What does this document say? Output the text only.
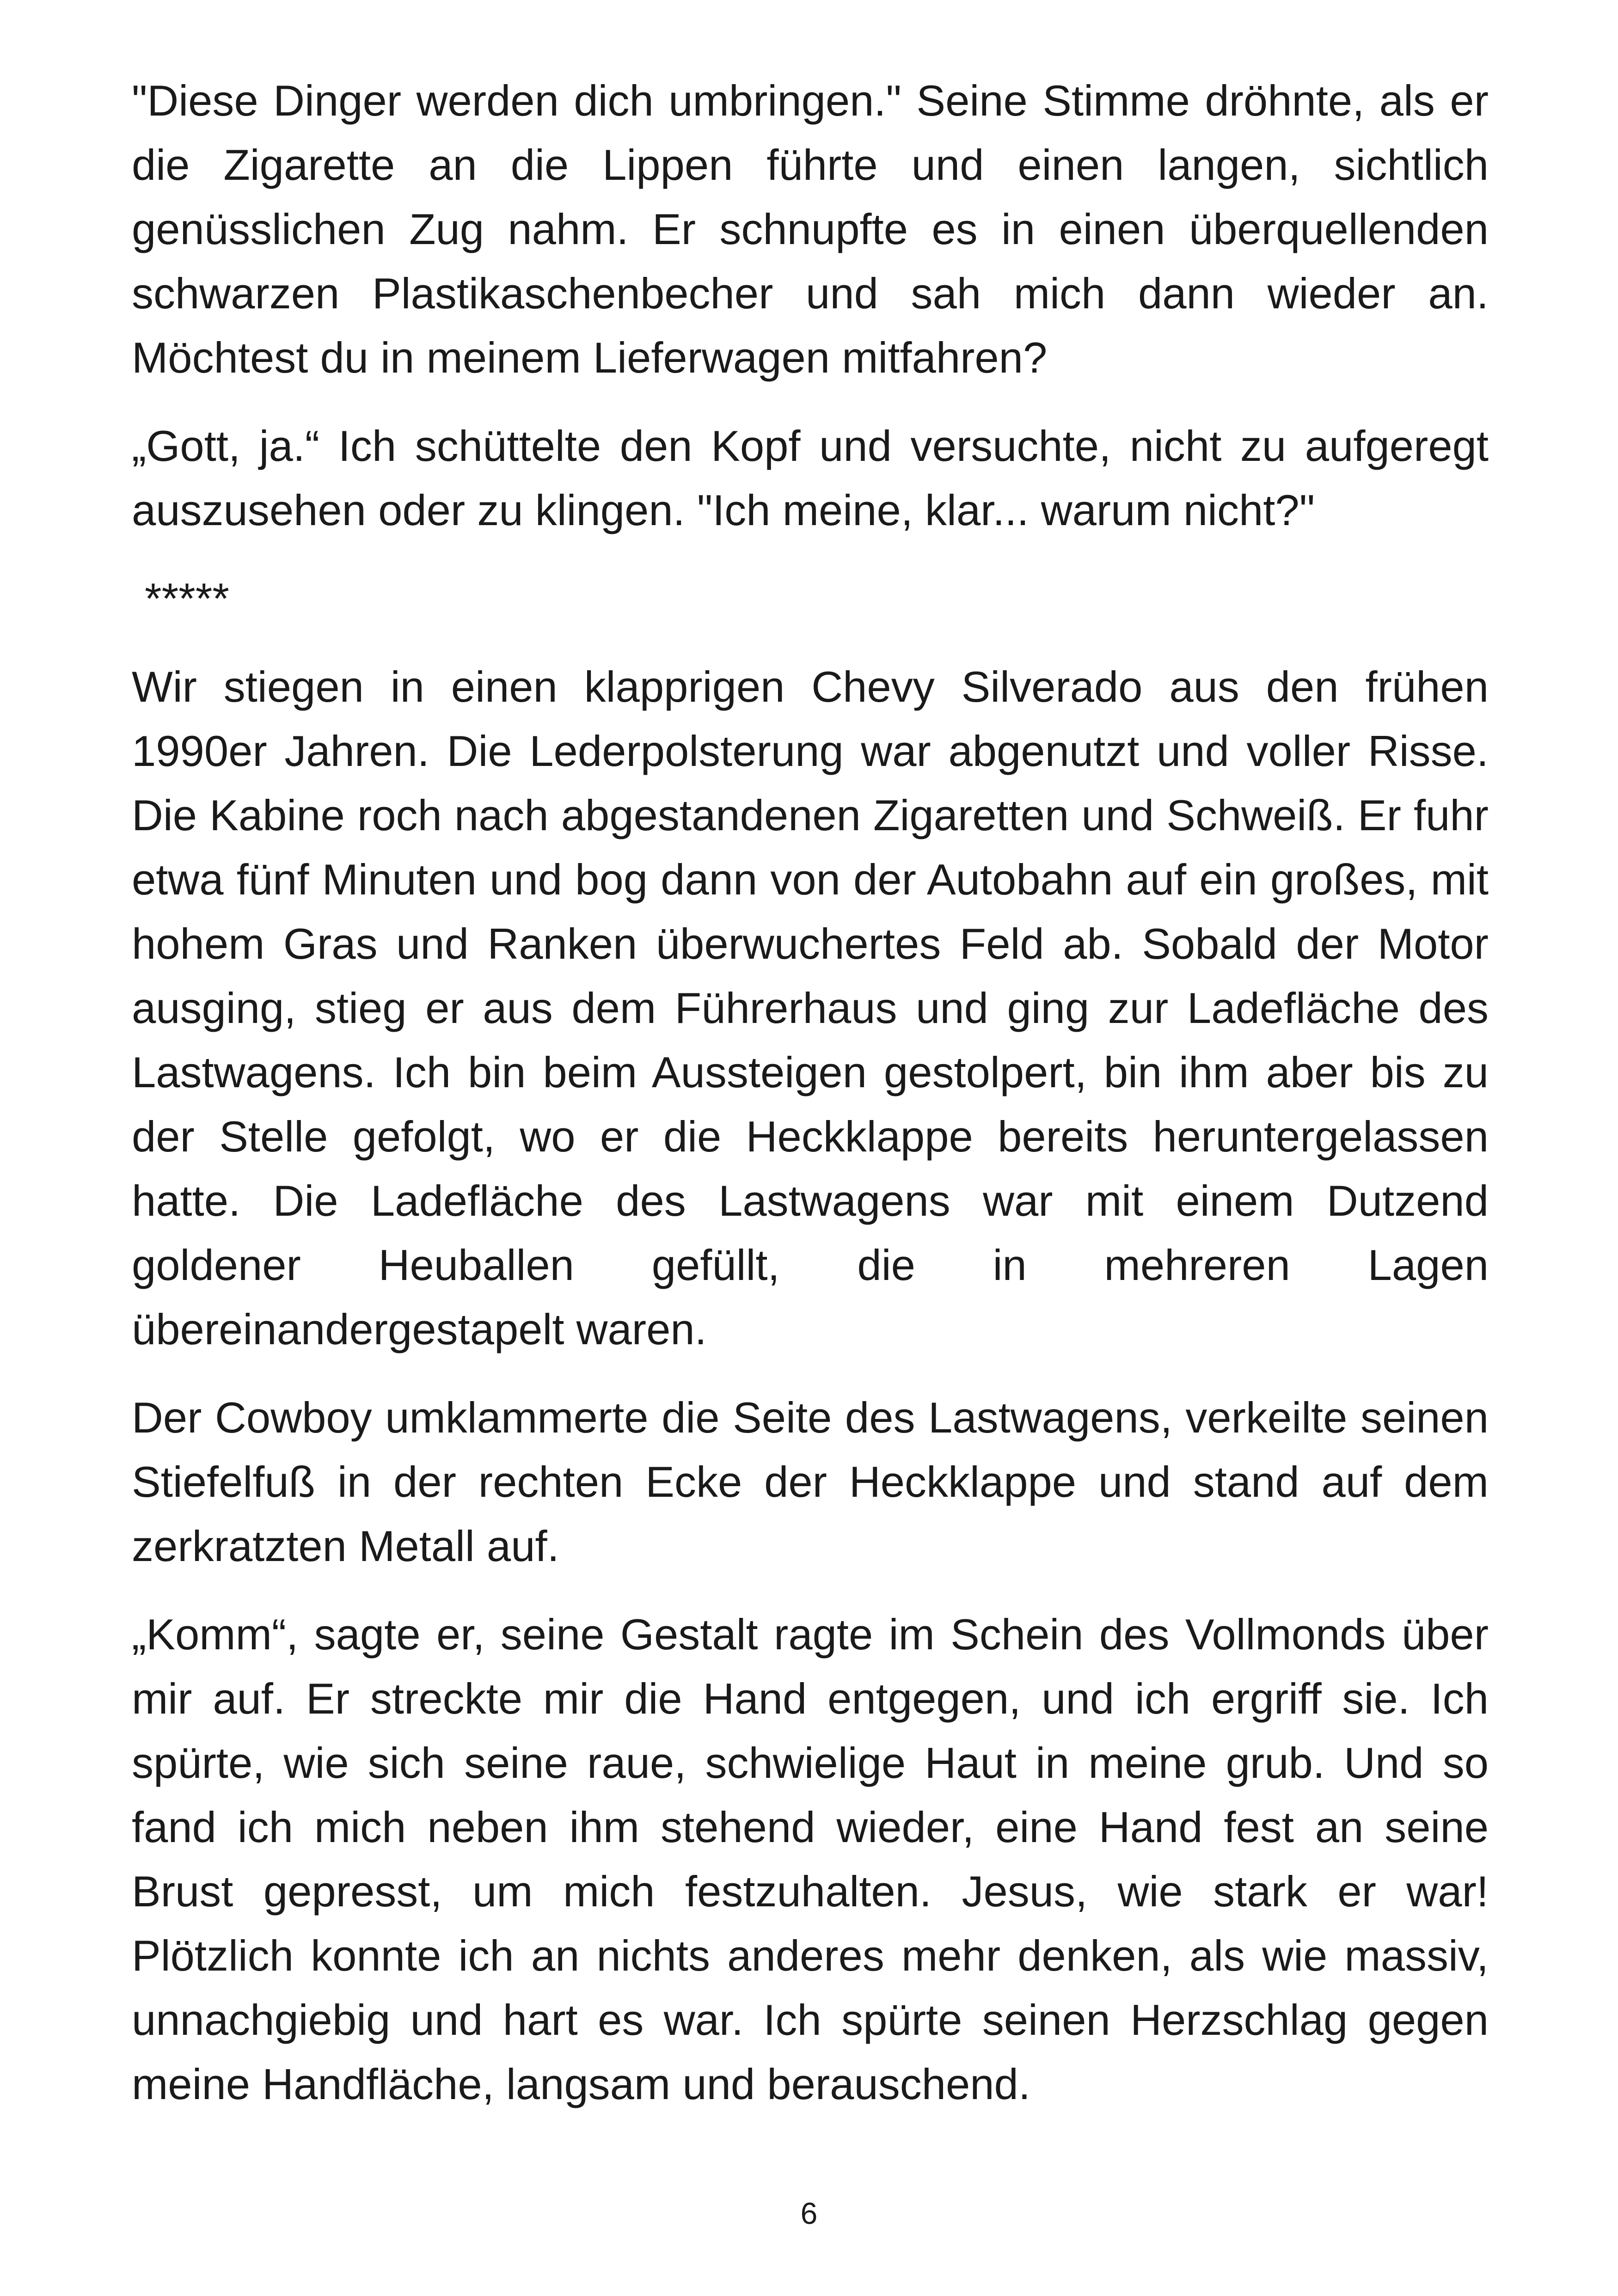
"Diese Dinger werden dich umbringen." Seine Stimme dröhnte, als er die Zigarette an die Lippen führte und einen langen, sichtlich genüsslichen Zug nahm. Er schnupfte es in einen überquellenden schwarzen Plastikaschenbecher und sah mich dann wieder an. Möchtest du in meinem Lieferwagen mitfahren?

„Gott, ja.“ Ich schüttelte den Kopf und versuchte, nicht zu aufgeregt auszusehen oder zu klingen. "Ich meine, klar... warum nicht?"

*****

Wir stiegen in einen klapprigen Chevy Silverado aus den frühen 1990er Jahren. Die Lederpolsterung war abgenutzt und voller Risse. Die Kabine roch nach abgestandenen Zigaretten und Schweiß. Er fuhr etwa fünf Minuten und bog dann von der Autobahn auf ein großes, mit hohem Gras und Ranken überwuchertes Feld ab. Sobald der Motor ausging, stieg er aus dem Führerhaus und ging zur Ladefläche des Lastwagens. Ich bin beim Aussteigen gestolpert, bin ihm aber bis zu der Stelle gefolgt, wo er die Heckklappe bereits heruntergelassen hatte. Die Ladefläche des Lastwagens war mit einem Dutzend goldener Heuballen gefüllt, die in mehreren Lagen übereinandergestapelt waren.

Der Cowboy umklammerte die Seite des Lastwagens, verkeilte seinen Stiefelfuß in der rechten Ecke der Heckklappe und stand auf dem zerkratzten Metall auf.

„Komm“, sagte er, seine Gestalt ragte im Schein des Vollmonds über mir auf. Er streckte mir die Hand entgegen, und ich ergriff sie. Ich spürte, wie sich seine raue, schwielige Haut in meine grub. Und so fand ich mich neben ihm stehend wieder, eine Hand fest an seine Brust gepresst, um mich festzuhalten. Jesus, wie stark er war! Plötzlich konnte ich an nichts anderes mehr denken, als wie massiv, unnachgiebig und hart es war. Ich spürte seinen Herzschlag gegen meine Handfläche, langsam und berauschend.

6
